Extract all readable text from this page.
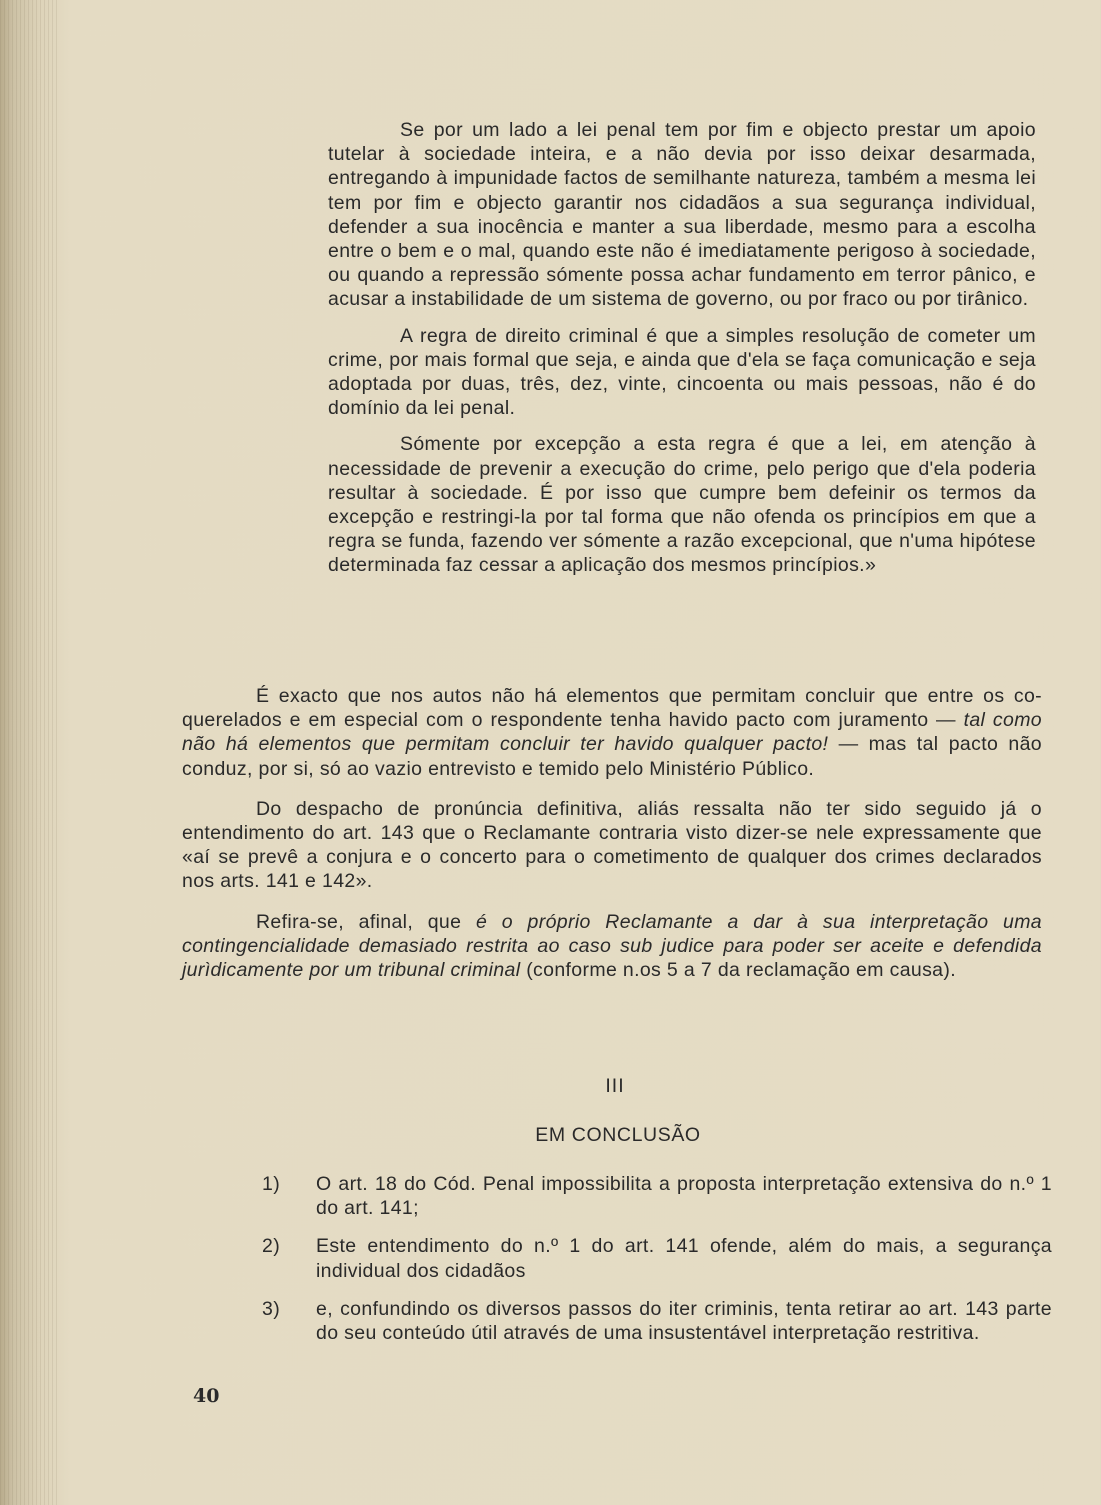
Se por um lado a lei penal tem por fim e objecto prestar um apoio tutelar à sociedade inteira, e a não devia por isso deixar desarmada, entregando à impunidade factos de semilhante natureza, também a mesma lei tem por fim e objecto garantir nos cidadãos a sua segurança individual, defender a sua inocência e manter a sua liberdade, mesmo para a escolha entre o bem e o mal, quando este não é imediatamente perigoso à sociedade, ou quando a repressão sómente possa achar fundamento em terror pânico, e acusar a instabilidade de um sistema de governo, ou por fraco ou por tirânico.

A regra de direito criminal é que a simples resolução de cometer um crime, por mais formal que seja, e ainda que d'ela se faça comunicação e seja adoptada por duas, três, dez, vinte, cincoenta ou mais pessoas, não é do domínio da lei penal.

Sómente por excepção a esta regra é que a lei, em atenção à necessidade de prevenir a execução do crime, pelo perigo que d'ela poderia resultar à sociedade. É por isso que cumpre bem defeinir os termos da excepção e restringi-la por tal forma que não ofenda os princípios em que a regra se funda, fazendo ver sómente a razão excepcional, que n'uma hipótese determinada faz cessar a aplicação dos mesmos princípios.»

É exacto que nos autos não há elementos que permitam concluir que entre os co-querelados e em especial com o respondente tenha havido pacto com juramento — tal como não há elementos que permitam concluir ter havido qualquer pacto! — mas tal pacto não conduz, por si, só ao vazio entrevisto e temido pelo Ministério Público.

Do despacho de pronúncia definitiva, aliás ressalta não ter sido seguido já o entendimento do art. 143 que o Reclamante contraria visto dizer-se nele expressamente que «aí se prevê a conjura e o concerto para o cometimento de qualquer dos crimes declarados nos arts. 141 e 142».

Refira-se, afinal, que é o próprio Reclamante a dar à sua interpretação uma contingencialidade demasiado restrita ao caso sub judice para poder ser aceite e defendida jurìdicamente por um tribunal criminal (conforme n.os 5 a 7 da reclamação em causa).

III
EM CONCLUSÃO
1)	O art. 18 do Cód. Penal impossibilita a proposta interpretação extensiva do n.º 1 do art. 141;
2)	Este entendimento do n.º 1 do art. 141 ofende, além do mais, a segurança individual dos cidadãos
3)	e, confundindo os diversos passos do iter criminis, tenta retirar ao art. 143 parte do seu conteúdo útil através de uma insustentável interpretação restritiva.
40
